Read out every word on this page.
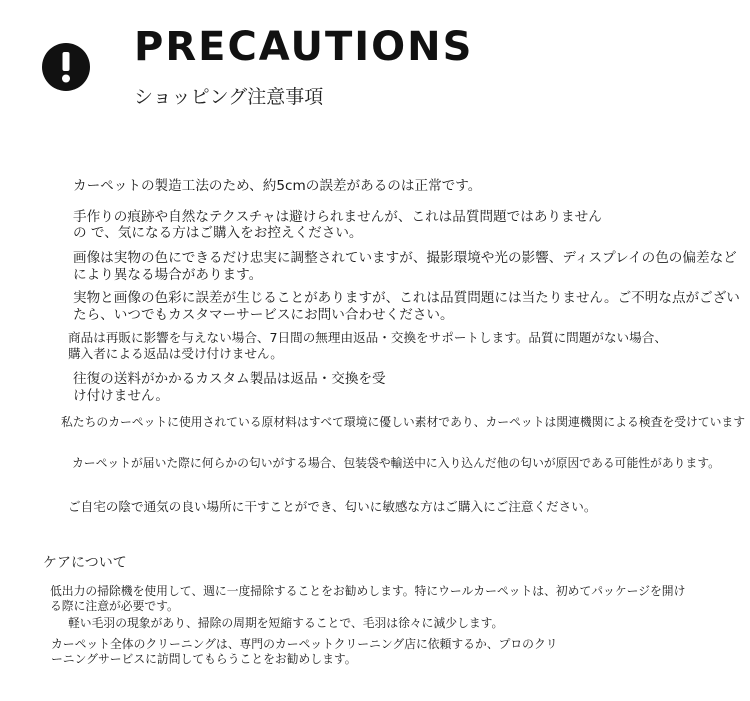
PRECAUTIONS
ショッピング注意事項
カーペットの製造工法のため、約5cmの誤差があるのは正常です。
手作りの痕跡や自然なテクスチャは避けられませんが、これは品質問題ではありません
の で、気になる方はご購入をお控えください。
画像は実物の色にできるだけ忠実に調整されていますが、撮影環境や光の影響、ディスプレイの色の偏差など
により異なる場合があります。
実物と画像の色彩に誤差が生じることがありますが、これは品質問題には当たりません。ご不明な点がござい
たら、いつでもカスタマーサービスにお問い合わせください。
商品は再販に影響を与えない場合、7日間の無理由返品・交換をサポートします。品質に問題がない場合、
購入者による返品は受け付けません。
往復の送料がかかるカスタム製品は返品・交換を受
け付けません。
私たちのカーペットに使用されている原材料はすべて環境に優しい素材であり、カーペットは関連機関による検査を受けています
カーペットが届いた際に何らかの匂いがする場合、包装袋や輸送中に入り込んだ他の匂いが原因である可能性があります。
ご自宅の陰で通気の良い場所に干すことができ、匂いに敏感な方はご購入にご注意ください。
ケアについて
低出力の掃除機を使用して、週に一度掃除することをお勧めします。特にウールカーペットは、初めてパッケージを開け
る際に注意が必要です。
軽い毛羽の現象があり、掃除の周期を短縮することで、毛羽は徐々に減少します。
カーペット全体のクリーニングは、専門のカーペットクリーニング店に依頼するか、プロのクリ
ーニングサービスに訪問してもらうことをお勧めします。
